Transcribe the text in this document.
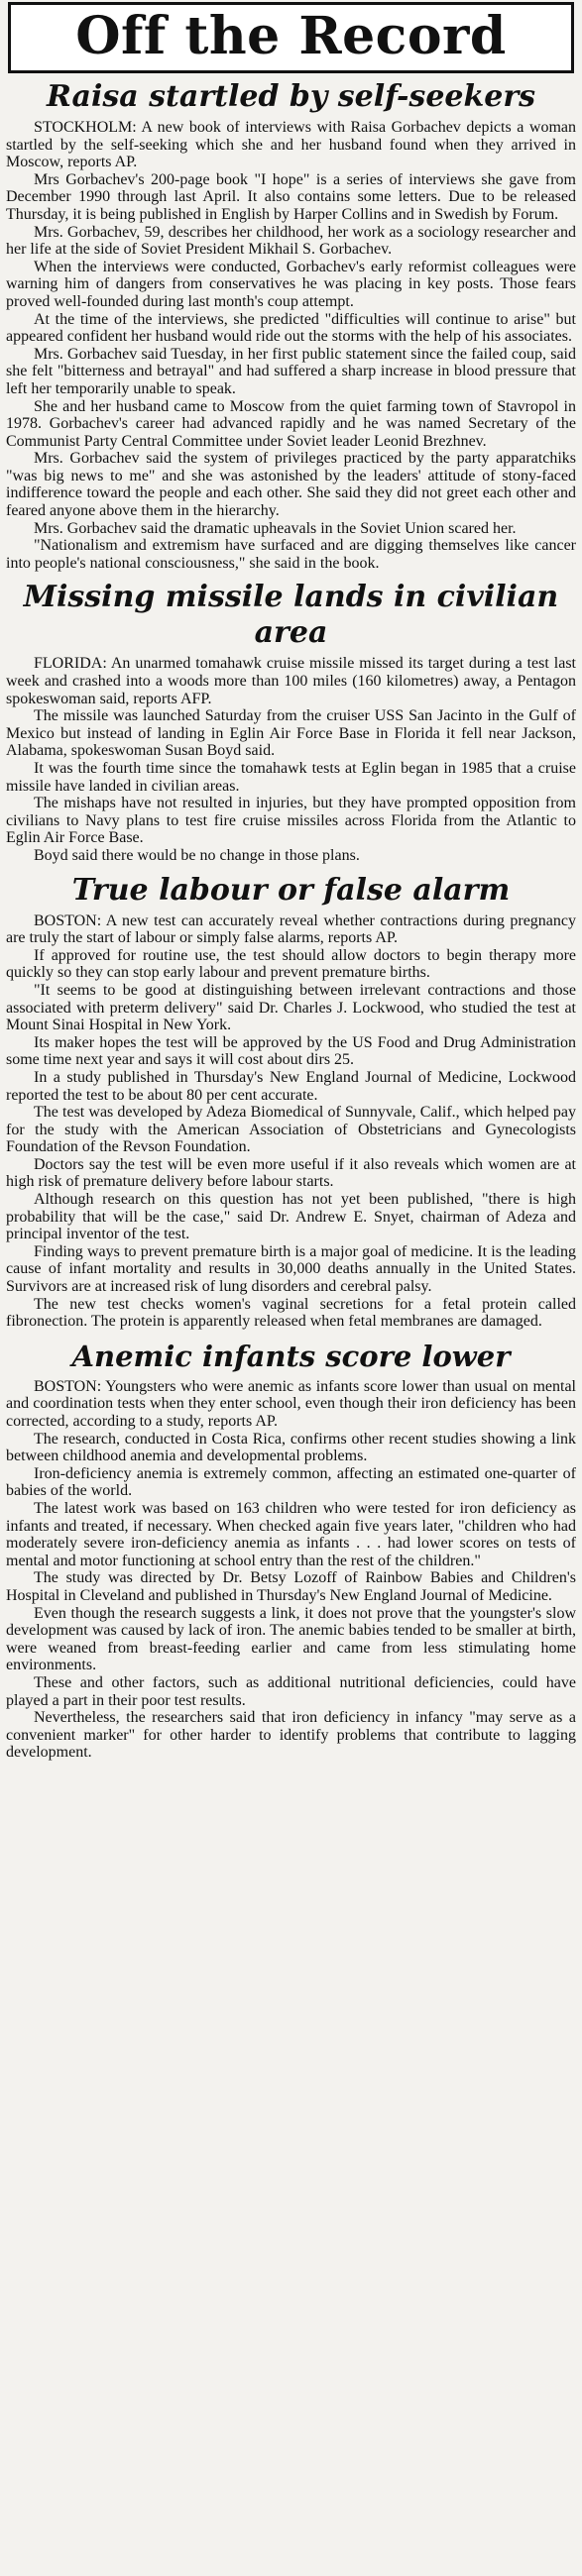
Off the Record
Raisa startled by self-seekers

STOCKHOLM: A new book of interviews with Raisa Gorbachev depicts a woman startled by the self-seeking which she and her husband found when they arrived in Moscow, reports AP.

Mrs Gorbachev's 200-page book "I hope" is a series of interviews she gave from December 1990 through last April. It also contains some letters. Due to be released Thursday, it is being published in English by Harper Collins and in Swedish by Forum.

Mrs. Gorbachev, 59, describes her childhood, her work as a sociology researcher and her life at the side of Soviet President Mikhail S. Gorbachev.

When the interviews were conducted, Gorbachev's early reformist colleagues were warning him of dangers from conservatives he was placing in key posts. Those fears proved well-founded during last month's coup attempt.

At the time of the interviews, she predicted "difficulties will continue to arise" but appeared confident her husband would ride out the storms with the help of his associates.

Mrs. Gorbachev said Tuesday, in her first public statement since the failed coup, said she felt "bitterness and betrayal" and had suffered a sharp increase in blood pressure that left her temporarily unable to speak.

She and her husband came to Moscow from the quiet farming town of Stavropol in 1978. Gorbachev's career had advanced rapidly and he was named Secretary of the Communist Party Central Committee under Soviet leader Leonid Brezhnev.

Mrs. Gorbachev said the system of privileges practiced by the party apparatchiks "was big news to me" and she was astonished by the leaders' attitude of stony-faced indifference toward the people and each other. She said they did not greet each other and feared anyone above them in the hierarchy.

Mrs. Gorbachev said the dramatic upheavals in the Soviet Union scared her.

"Nationalism and extremism have surfaced and are digging themselves like cancer into people's national consciousness," she said in the book.

Missing missile lands in civilian area

FLORIDA: An unarmed tomahawk cruise missile missed its target during a test last week and crashed into a woods more than 100 miles (160 kilometres) away, a Pentagon spokeswoman said, reports AFP.

The missile was launched Saturday from the cruiser USS San Jacinto in the Gulf of Mexico but instead of landing in Eglin Air Force Base in Florida it fell near Jackson, Alabama, spokeswoman Susan Boyd said.

It was the fourth time since the tomahawk tests at Eglin began in 1985 that a cruise missile have landed in civilian areas.

The mishaps have not resulted in injuries, but they have prompted opposition from civilians to Navy plans to test fire cruise missiles across Florida from the Atlantic to Eglin Air Force Base.

Boyd said there would be no change in those plans.

True labour or false alarm

BOSTON: A new test can accurately reveal whether contractions during pregnancy are truly the start of labour or simply false alarms, reports AP.

If approved for routine use, the test should allow doctors to begin therapy more quickly so they can stop early labour and prevent premature births.

"It seems to be good at distinguishing between irrelevant contractions and those associated with preterm delivery" said Dr. Charles J. Lockwood, who studied the test at Mount Sinai Hospital in New York.

Its maker hopes the test will be approved by the US Food and Drug Administration some time next year and says it will cost about dirs 25.

In a study published in Thursday's New England Journal of Medicine, Lockwood reported the test to be about 80 per cent accurate.

The test was developed by Adeza Biomedical of Sunnyvale, Calif., which helped pay for the study with the American Association of Obstetricians and Gynecologists Foundation of the Revson Foundation.

Doctors say the test will be even more useful if it also reveals which women are at high risk of premature delivery before labour starts.

Although research on this question has not yet been published, "there is high probability that will be the case," said Dr. Andrew E. Snyet, chairman of Adeza and principal inventor of the test.

Finding ways to prevent premature birth is a major goal of medicine. It is the leading cause of infant mortality and results in 30,000 deaths annually in the United States. Survivors are at increased risk of lung disorders and cerebral palsy.

The new test checks women's vaginal secretions for a fetal protein called fibronection. The protein is apparently released when fetal membranes are damaged.

Anemic infants score lower

BOSTON: Youngsters who were anemic as infants score lower than usual on mental and coordination tests when they enter school, even though their iron deficiency has been corrected, according to a study, reports AP.

The research, conducted in Costa Rica, confirms other recent studies showing a link between childhood anemia and developmental problems.

Iron-deficiency anemia is extremely common, affecting an estimated one-quarter of babies of the world.

The latest work was based on 163 children who were tested for iron deficiency as infants and treated, if necessary. When checked again five years later, "children who had moderately severe iron-deficiency anemia as infants . . . had lower scores on tests of mental and motor functioning at school entry than the rest of the children."

The study was directed by Dr. Betsy Lozoff of Rainbow Babies and Children's Hospital in Cleveland and published in Thursday's New England Journal of Medicine.

Even though the research suggests a link, it does not prove that the youngster's slow development was caused by lack of iron. The anemic babies tended to be smaller at birth, were weaned from breast-feeding earlier and came from less stimulating home environments.

These and other factors, such as additional nutritional deficiencies, could have played a part in their poor test results.

Nevertheless, the researchers said that iron deficiency in infancy "may serve as a convenient marker" for other harder to identify problems that contribute to lagging development.
